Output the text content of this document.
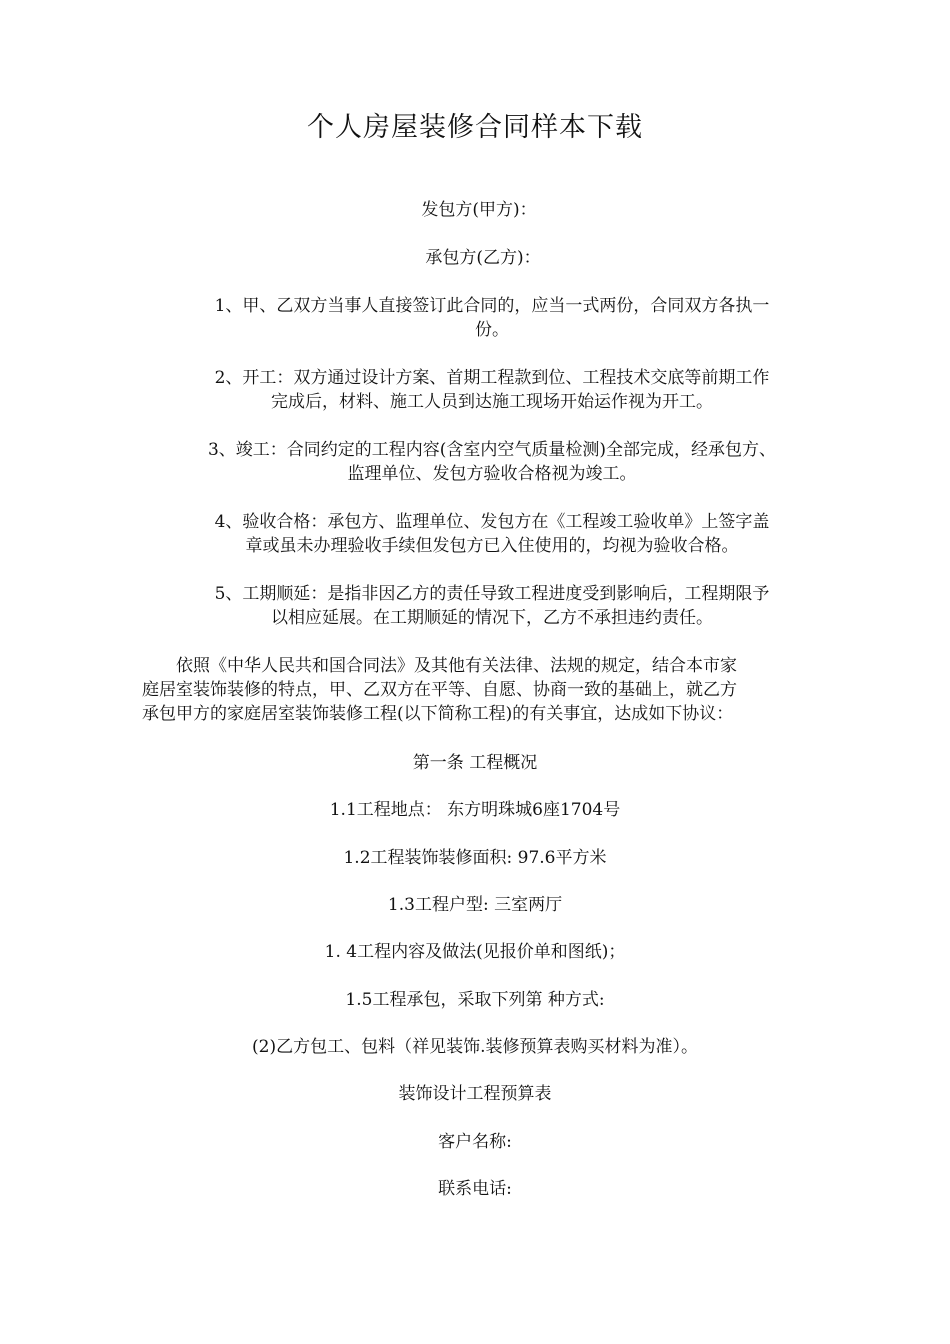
个人房屋装修合同样本下载
发包方(甲方)：
承包方(乙方)：
1、甲、乙双方当事人直接签订此合同的，应当一式两份，合同双方各执一
份。
2、开工：双方通过设计方案、首期工程款到位、工程技术交底等前期工作
完成后，材料、施工人员到达施工现场开始运作视为开工。
3、竣工：合同约定的工程内容(含室内空气质量检测)全部完成，经承包方、
监理单位、发包方验收合格视为竣工。
4、验收合格：承包方、监理单位、发包方在《工程竣工验收单》上签字盖
章或虽未办理验收手续但发包方已入住使用的，均视为验收合格。
5、工期顺延：是指非因乙方的责任导致工程进度受到影响后，工程期限予
以相应延展。在工期顺延的情况下，乙方不承担违约责任。
依照《中华人民共和国合同法》及其他有关法律、法规的规定，结合本市家
庭居室装饰装修的特点，甲、乙双方在平等、自愿、协商一致的基础上，就乙方
承包甲方的家庭居室装饰装修工程(以下简称工程)的有关事宜，达成如下协议：
第一条 工程概况
1.1工程地点： 东方明珠城6座1704号
1.2工程装饰装修面积: 97.6平方米
1.3工程户型: 三室两厅
1. 4工程内容及做法(见报价单和图纸)；
1.5工程承包，采取下列第 种方式:
(2)乙方包工、包料（祥见装饰.装修预算表购买材料为准）。
装饰设计工程预算表
客户名称:
联系电话:
